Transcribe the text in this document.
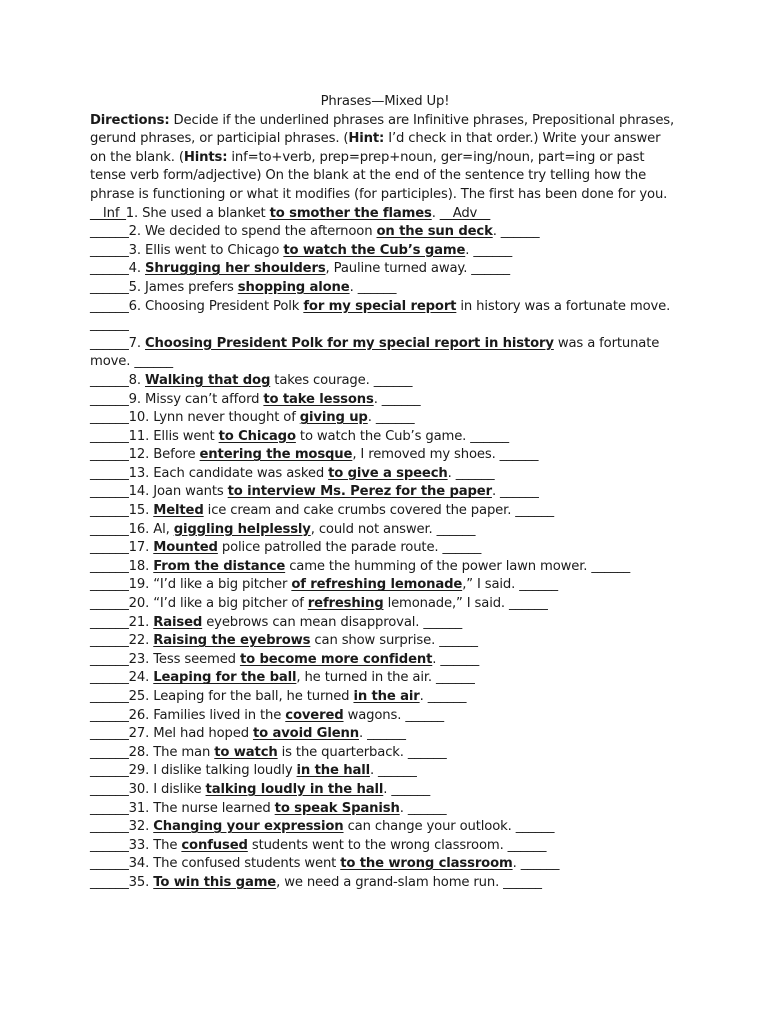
Phrases—Mixed Up!

Directions: Decide if the underlined phrases are Infinitive phrases, Prepositional phrases, gerund phrases, or participial phrases. (Hint: I’d check in that order.) Write your answer on the blank. (Hints: inf=to+verb, prep=prep+noun, ger=ing/noun, part=ing or past tense verb form/adjective) On the blank at the end of the sentence try telling how the phrase is functioning or what it modifies (for participles). The first has been done for you.

__Inf_1. She used a blanket to smother the flames. __Adv__

______2. We decided to spend the afternoon on the sun deck. ______

______3. Ellis went to Chicago to watch the Cub’s game. ______

______4. Shrugging her shoulders, Pauline turned away. ______

______5. James prefers shopping alone. ______

______6. Choosing President Polk for my special report in history was a fortunate move. ______

______7. Choosing President Polk for my special report in history was a fortunate move. ______

______8. Walking that dog takes courage. ______

______9. Missy can’t afford to take lessons. ______

______10. Lynn never thought of giving up. ______

______11. Ellis went to Chicago to watch the Cub’s game. ______

______12. Before entering the mosque, I removed my shoes. ______

______13. Each candidate was asked to give a speech. ______

______14. Joan wants to interview Ms. Perez for the paper. ______

______15. Melted ice cream and cake crumbs covered the paper. ______

______16. Al, giggling helplessly, could not answer. ______

______17. Mounted police patrolled the parade route. ______

______18. From the distance came the humming of the power lawn mower. ______

______19. “I’d like a big pitcher of refreshing lemonade,” I said. ______

______20. “I’d like a big pitcher of refreshing lemonade,” I said. ______

______21. Raised eyebrows can mean disapproval. ______

______22. Raising the eyebrows can show surprise. ______

______23. Tess seemed to become more confident. ______

______24. Leaping for the ball, he turned in the air. ______

______25. Leaping for the ball, he turned in the air. ______

______26. Families lived in the covered wagons. ______

______27. Mel had hoped to avoid Glenn. ______

______28. The man to watch is the quarterback. ______

______29. I dislike talking loudly in the hall. ______

______30. I dislike talking loudly in the hall. ______

______31. The nurse learned to speak Spanish. ______

______32. Changing your expression can change your outlook. ______

______33. The confused students went to the wrong classroom. ______

______34. The confused students went to the wrong classroom. ______

______35. To win this game, we need a grand-slam home run. ______
